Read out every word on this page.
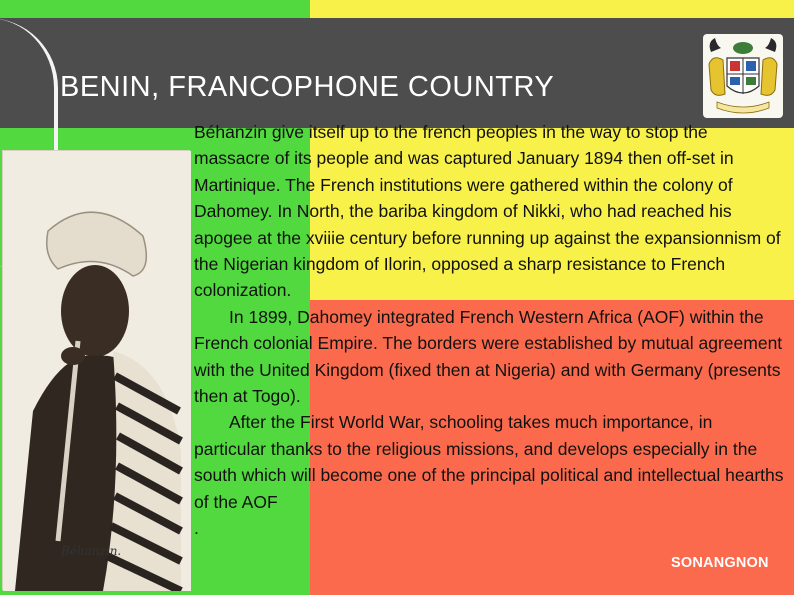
BENIN, FRANCOPHONE COUNTRY
Béhanzin.

Béhanzin give itself up to the french peoples in the way to stop the massacre of its people and was captured January 1894 then off-set in Martinique. The French institutions were gathered within the colony of Dahomey. In North, the bariba kingdom of Nikki, who had reached his apogee at the xviiie century before running up against the expansionnism of the Nigerian kingdom of Ilorin, opposed a sharp resistance to French colonization.

In 1899, Dahomey integrated French Western Africa (AOF) within the French colonial Empire. The borders were established by mutual agreement with the United Kingdom (fixed then at Nigeria) and with Germany (presents then at Togo).

After the First World War, schooling takes much importance, in particular thanks to the religious missions, and develops especially in the south which will become one of the principal political and intellectual hearths of the AOF

.

SONANGNON
